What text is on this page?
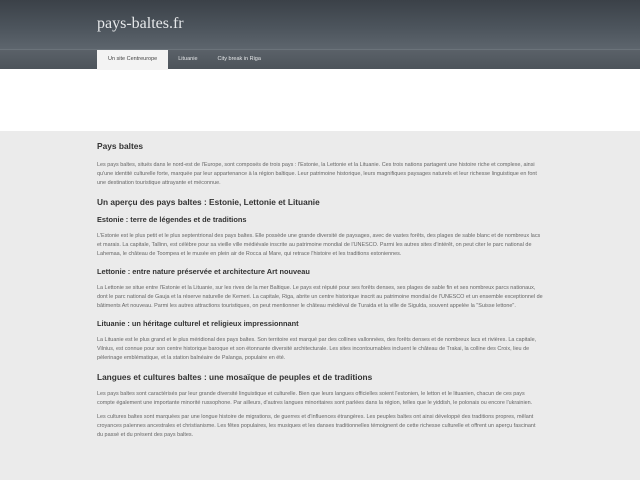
pays-baltes.fr
Un site Centreurope	Lituanie	City break in Riga
Pays baltes

Les pays baltes, situés dans le nord-est de l'Europe, sont composés de trois pays : l'Estonie, la Lettonie et la Lituanie. Ces trois nations partagent une histoire riche et complexe, ainsi qu'une identité culturelle forte, marquée par leur appartenance à la région baltique. Leur patrimoine historique, leurs magnifiques paysages naturels et leur richesse linguistique en font une destination touristique attrayante et méconnue.

Un aperçu des pays baltes : Estonie, Lettonie et Lituanie
Estonie : terre de légendes et de traditions

L'Estonie est le plus petit et le plus septentrional des pays baltes. Elle possède une grande diversité de paysages, avec de vastes forêts, des plages de sable blanc et de nombreux lacs et marais. La capitale, Tallinn, est célèbre pour sa vieille ville médiévale inscrite au patrimoine mondial de l'UNESCO. Parmi les autres sites d'intérêt, on peut citer le parc national de Lahemaa, le château de Toompea et le musée en plein air de Rocca al Mare, qui retrace l'histoire et les traditions estoniennes.

Lettonie : entre nature préservée et architecture Art nouveau

La Lettonie se situe entre l'Estonie et la Lituanie, sur les rives de la mer Baltique. Le pays est réputé pour ses forêts denses, ses plages de sable fin et ses nombreux parcs nationaux, dont le parc national de Gauja et la réserve naturelle de Kemeri. La capitale, Riga, abrite un centre historique inscrit au patrimoine mondial de l'UNESCO et un ensemble exceptionnel de bâtiments Art nouveau. Parmi les autres attractions touristiques, on peut mentionner le château médiéval de Turaida et la ville de Sigulda, souvent appelée la "Suisse lettone".

Lituanie : un héritage culturel et religieux impressionnant

La Lituanie est le plus grand et le plus méridional des pays baltes. Son territoire est marqué par des collines vallonnées, des forêts denses et de nombreux lacs et rivières. La capitale, Vilnius, est connue pour son centre historique baroque et son étonnante diversité architecturale. Les sites incontournables incluent le château de Trakai, la colline des Croix, lieu de pèlerinage emblématique, et la station balnéaire de Palanga, populaire en été.

Langues et cultures baltes : une mosaïque de peuples et de traditions

Les pays baltes sont caractérisés par leur grande diversité linguistique et culturelle. Bien que leurs langues officielles soient l'estonien, le letton et le lituanien, chacun de ces pays compte également une importante minorité russophone. Par ailleurs, d'autres langues minoritaires sont parlées dans la région, telles que le yiddish, le polonais ou encore l'ukrainien.

Les cultures baltes sont marquées par une longue histoire de migrations, de guerres et d'influences étrangères. Les peuples baltes ont ainsi développé des traditions propres, mêlant croyances païennes ancestrales et christianisme. Les fêtes populaires, les musiques et les danses traditionnelles témoignent de cette richesse culturelle et offrent un aperçu fascinant du passé et du présent des pays baltes.
